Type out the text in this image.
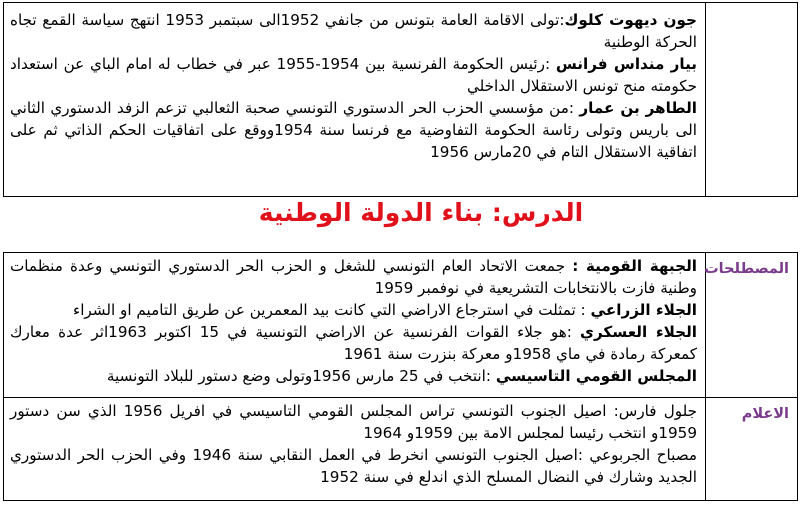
جون ديهوت كلوك:تولى الاقامة العامة بتونس من جانفي 1952الى سبتمبر 1953 انتهج سياسة القمع تجاه الحركة الوطنية

بيار منداس فرانس :رئيس الحكومة الفرنسية بين 1954-1955 عبر في خطاب له امام الباي عن استعداد حكومته منح تونس الاستقلال الداخلي

الطاهر بن عمار :من مؤسسي الحزب الحر الدستوري التونسي صحبة الثعالبي تزعم الزفد الدستوري الثاني الى باريس وتولى رئاسة الحكومة التفاوضية مع فرنسا سنة 1954ووقع على اتفاقيات الحكم الذاتي ثم على اتفاقية الاستقلال التام في 20مارس 1956

الدرس: بناء الدولة الوطنية
المصطلحات	الجبهة القومية : جمعت الاتحاد العام التونسي للشغل و الحزب الحر الدستوري التونسي وعدة منظمات وطنية فازت بالانتخابات التشريعية في نوفمبر 1959

الجلاء الزراعي : تمثلت في استرجاع الاراضي التي كانت بيد المعمرين عن طريق التاميم او الشراء

الجلاء العسكري :هو جلاء القوات الفرنسية عن الاراضي التونسية في 15 اكتوبر 1963اثر عدة معارك كمعركة رمادة في ماي 1958و معركة بنزرت سنة 1961

المجلس القومي التاسيسي :انتخب في 25 مارس 1956وتولى وضع دستور للبلاد التونسية

الاعلام	جلول فارس: اصيل الجنوب التونسي تراس المجلس القومي التاسيسي في افريل 1956 الذي سن دستور 1959و انتخب رئيسا لمجلس الامة بين 1959و 1964

مصباح الجربوعي :اصيل الجنوب التونسي انخرط في العمل النقابي سنة 1946 وفي الحزب الحر الدستوري الجديد وشارك في النضال المسلح الذي اندلع في سنة 1952
